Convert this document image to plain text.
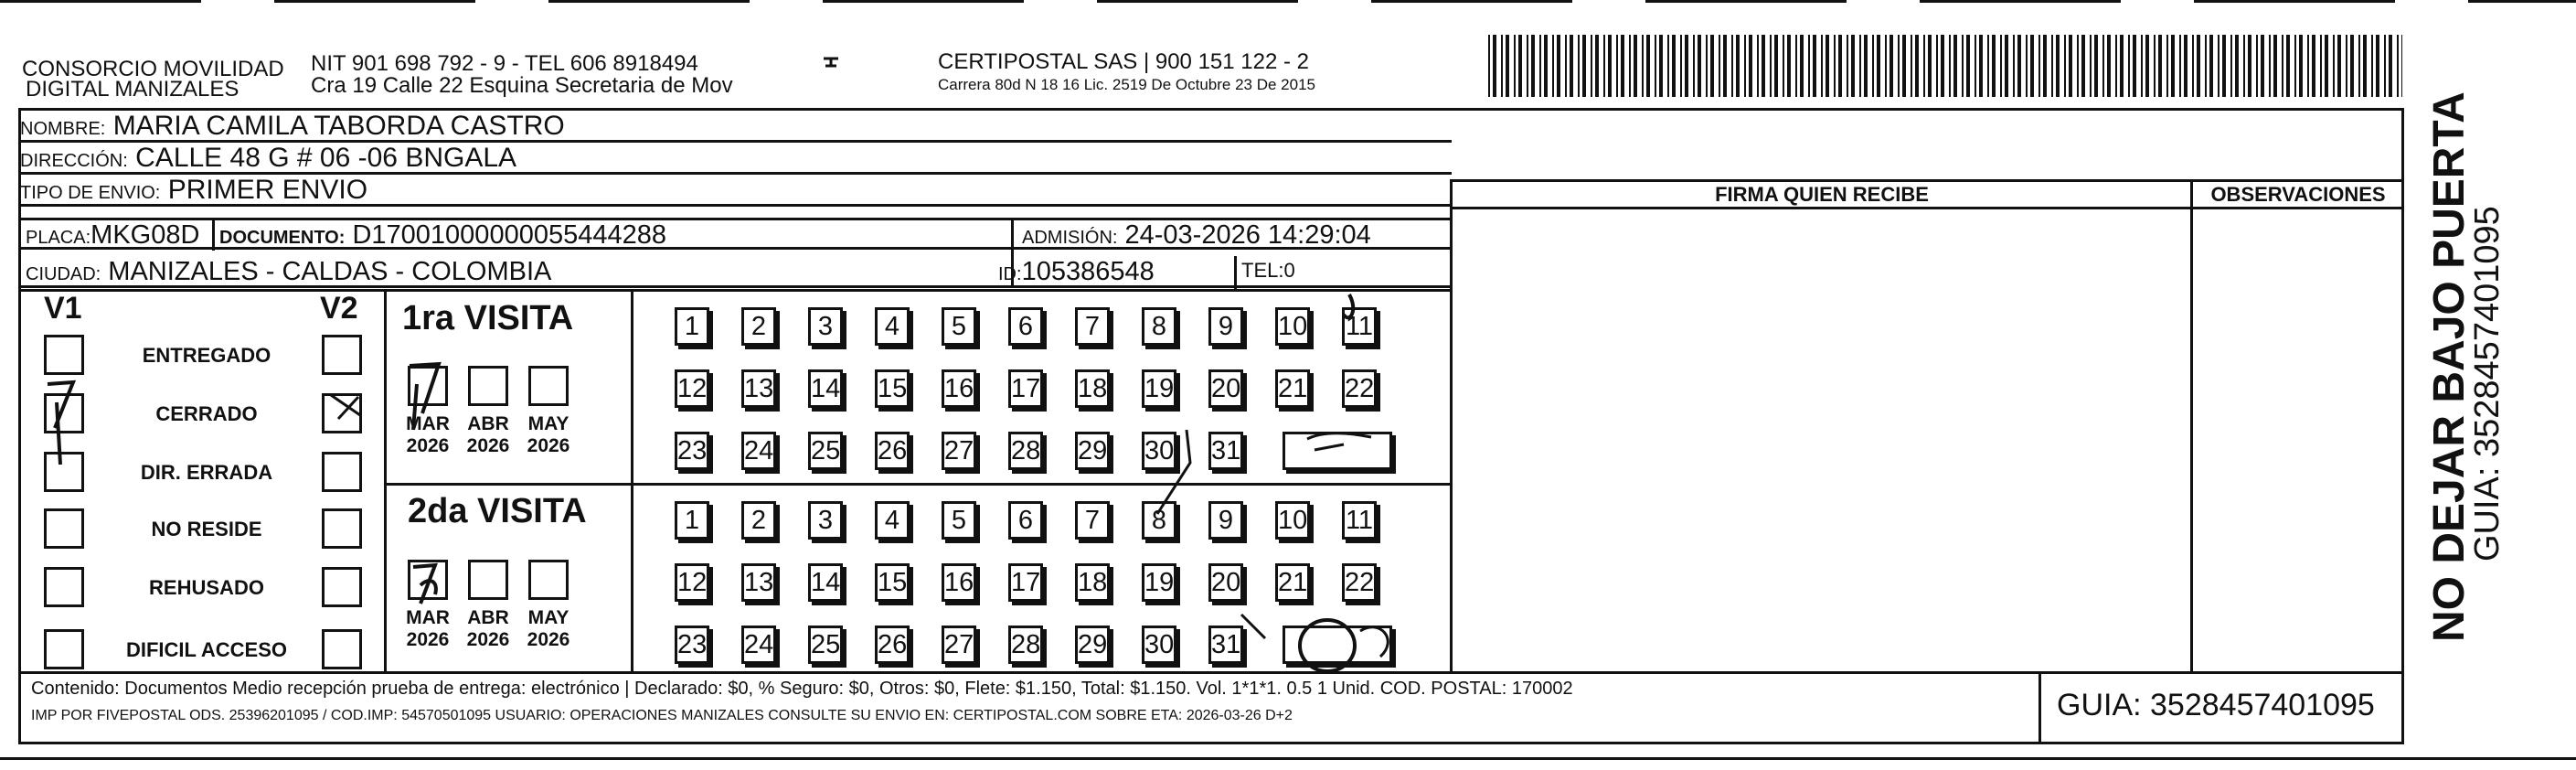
CONSORCIO MOVILIDAD
DIGITAL MANIZALES
NIT 901 698 792 - 9 - TEL 606 8918494
Cra 19 Calle 22 Esquina Secretaria de Mov
CERTIPOSTAL SAS | 900 151 122 - 2
Carrera 80d N 18 16 Lic. 2519 De Octubre 23 De 2015
NOMBRE: MARIA CAMILA TABORDA CASTRO
DIRECCIÓN: CALLE 48 G # 06 -06 BNGALA
TIPO DE ENVIO: PRIMER ENVIO
PLACA:MKG08D DOCUMENTO: D17001000000055444288	ADMISIÓN: 24-03-2026 14:29:04
CIUDAD: MANIZALES - CALDAS - COLOMBIA	ID:105386548	TEL:0
FIRMA QUIEN RECIBE	OBSERVACIONES
V1	V2
ENTREGADO
CERRADO
DIR. ERRADA
NO RESIDE
REHUSADO
DIFICIL ACCESO
1ra VISITA
2da VISITA
MAR
2026
ABR
2026
MAY
2026
MAR
2026
ABR
2026
MAY
2026
1	2	3	4	5	6	7	8	9	10 11
12 13 14 15 16 17 18 19 20 21 22
23 24 25 26 27 28 29 30 31
1	2	3	4	5	6	7	8	9	10 11
12 13 14 15 16 17 18 19 20 21 22
23 24 25 26 27 28 29 30 31
Contenido: Documentos Medio recepción prueba de entrega: electrónico | Declarado: $0, % Seguro: $0, Otros: $0, Flete: $1.150, Total: $1.150. Vol. 1*1*1. 0.5 1 Unid. COD. POSTAL: 170002
IMP POR FIVEPOSTAL ODS. 25396201095 / COD.IMP: 54570501095 USUARIO: OPERACIONES MANIZALES CONSULTE SU ENVIO EN: CERTIPOSTAL.COM SOBRE ETA: 2026-03-26 D+2	GUIA: 3528457401095
NO DEJAR BAJO PUERTA
GUIA: 3528457401095
